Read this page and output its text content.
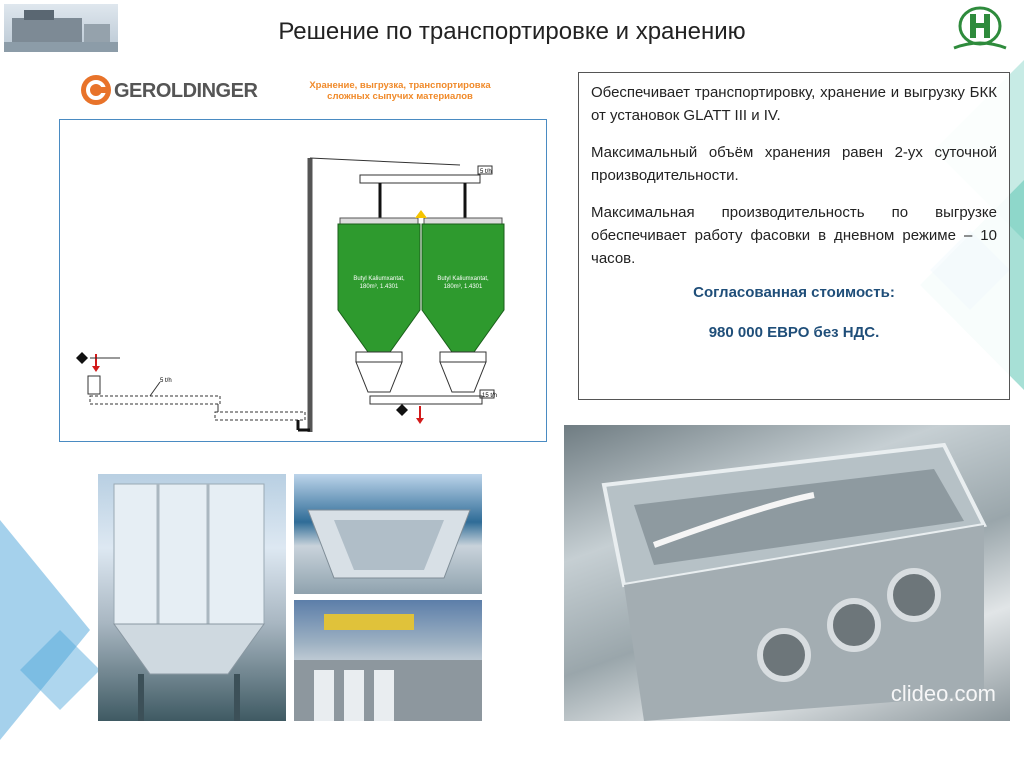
Решение по транспортировке и хранению
GEROLDINGER	Хранение, выгрузка, транспортировка
сложных сыпучих материалов
5 t/h
Butyl Kaliumxantat,
180m³, 1.4301
Butyl Kaliumxantat,
180m³, 1.4301
15 t/h
5 t/h

Обеспечивает транспортировку, хранение и выгрузку БКК от установок GLATT III и IV.

Максимальный объём хранения равен 2-ух суточной производительности.

Максимальная производительность по выгрузке обеспечивает работу фасовки в дневном режиме – 10 часов.

Согласованная стоимость:
980 000 ЕВРО без НДС.
clideo.com
